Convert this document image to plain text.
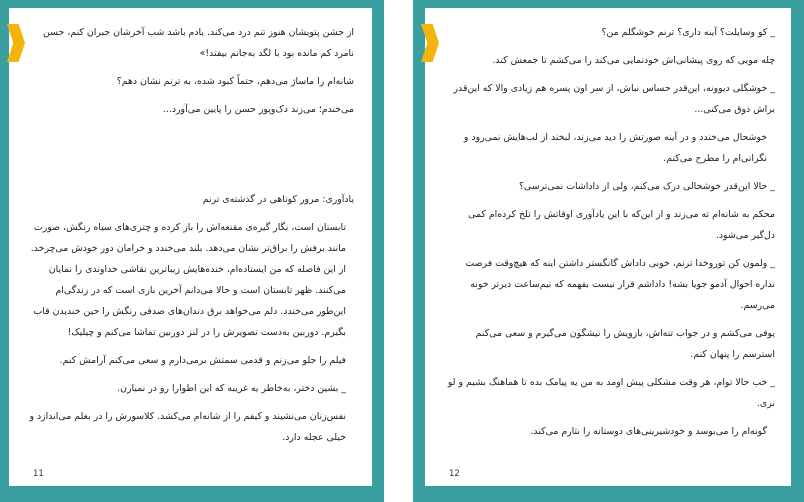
از جشن پتویشان هنوز تنم درد می‌کند. یادم باشد شب آخرشان جبران کنم، حسن نامرد کم مانده بود با لگد به‌جانم بیفتد!»

شانه‌ام را ماساژ می‌دهم، حتماً کبود شده، به ترنم نشان دهم؟

می‌خندم؛ می‌زند دک‌وپوز حسن را پایین می‌آورد...

یادآوری: مرور کوتاهی در گذشته‌ی ترنم

تابستان است، نگار گیره‌ی مقنعه‌اش را باز کرده و چتری‌های سیاه رنگش، صورت مانند برفش را براق‌تر نشان می‌دهد. بلند می‌خندد و خرامان دور خودش می‌چرخد. از این فاصله که من ایستاده‌ام، خنده‌هایش زیباترین نقاشی خداوندی را نمایان می‌کنند. ظهر تابستان است و حالا می‌دانم آخرین باری است که در زندگی‌ام این‌طور می‌خندد. دلم می‌خواهد برق دندان‌های صدفی رنگش را حین خندیدن قاب بگیرم. دوربین به‌دست تصویرش را در لنز دوربین تماشا می‌کنم و چیلیک!

فیلم را جلو می‌زنم و قدمی سمتش برمی‌دارم و سعی می‌کنم آرامش کنم.

_ بشین دختر، به‌خاطر یه غریبه که این اطوارا رو در نمیارن.

نفس‌زنان می‌نشیند و کیفم را از شانه‌ام می‌کشد. کلاسورش را در بغلم می‌اندازد و خیلی عجله دارد.

11

_ کو وسایلت؟ آینه داری؟ ترنم خوشگلم من؟

چله مویی که روی پیشانی‌اش خودنمایی می‌کند را می‌کشم تا جمعش کند.

_ خوشگلی دیوونه، این‌قدر حساس نباش، از سر اون پسره هم زیادی والا که این‌قدر براش ذوق می‌کنی...

خوشحال می‌خندد و در آینه صورتش را دید می‌زند، لبخند از لب‌هایش نمی‌رود و نگرانی‌ام را مطرح می‌کنم.

_ حالا این‌قدر خوشحالی درک می‌کنم، ولی از داداشات نمی‌ترسی؟

محکم به شانه‌ام ته می‌زند و از این‌که با این یادآوری اوقاتش را تلخ کرده‌ام کمی دل‌گیر می‌شود.

_ ولمون کن توروخدا ترنم، خوبی داداش گانگستر داشتن اینه که هیچ‌وقت فرصت نداره احوال آدمو جویا بشه! داداشم قرار نیست بفهمه که نیم‌ساعت دیرتر خونه می‌رسم.

پوفی می‌کشم و در جواب تنه‌اش، بازویش را نیشگون می‌گیرم و سعی می‌کنم استرسم را پنهان کنم.

_ خب حالا توام، هر وقت مشکلی پیش اومد به من یه پیامک بده تا هماهنگ بشیم و لو نری.

گونه‌ام را می‌بوسد و خودشیرینی‌های دوستانه را نثارم می‌کند.

12
